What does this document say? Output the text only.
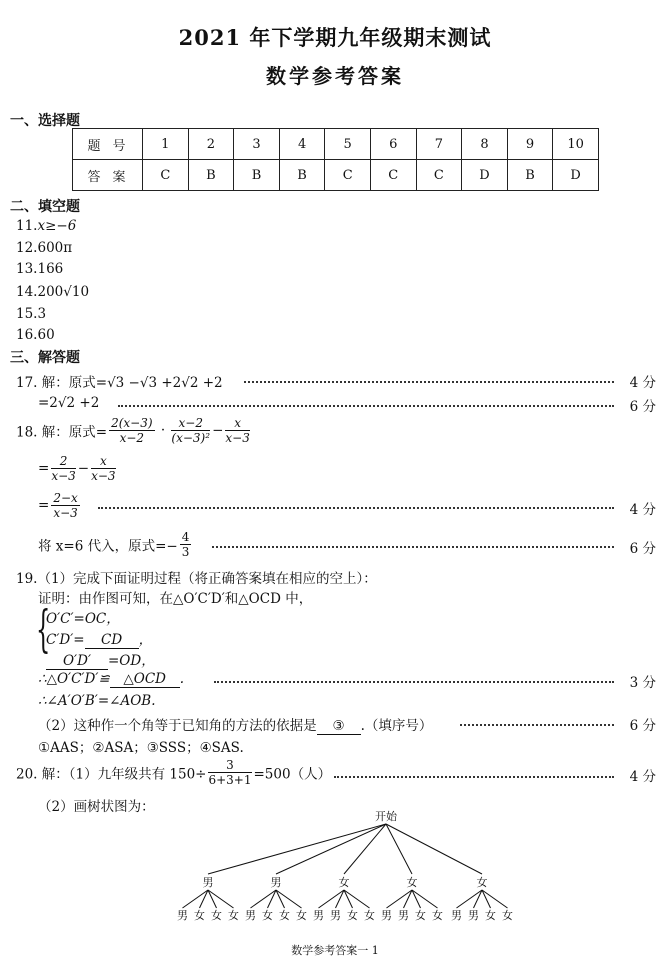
2021 年下学期九年级期末测试
数学参考答案
一、选择题
题号	1	2	3	4	5	6	7	8	9	10
答案	C	B	B	B	C	C	C	D	B	D
二、填空题
11.x≥−6
12.600π
13.166
14.200√10
15.3
16.60
三、解答题
17. 解：原式=√3 −√3 +2√2 +2	4 分
=2√2 +2	6 分
18. 解：原式= $\frac{2(x-3)}{x-2} \cdot \frac{x-2}{\text{(x−3)²}} - \frac{x}{x-3}$
= $\frac{2}{x-3} - \frac{x}{x-3}$
= $\frac{2-x}{x-3}$	4 分
将 x=6 代入，原式=− $\frac{4}{3}$	6 分
19.（1）完成下面证明过程（将正确答案填在相应的空上）：
证明：由作图可知，在△O′C′D′和△OCD 中，
{
O′C′=OC，
C′D′= CD ，
O′D′ =OD，
∴△O′C′D′≌ △OCD .	3 分
∴∠A′O′B′=∠AOB.
（2）这种作一个角等于已知角的方法的依据是 ③ .（填序号）	6 分
①AAS；②ASA；③SSS；④SAS.
20. 解：（1）九年级共有 $150\div \frac{3}{6+3+1} =500$（人）	4 分
（2）画树状图为：
开始
男
男 女 女 女
男
男 女 女 女
女
男 男 女 女
女
男 男 女 女
女
男 男 女 女
数学参考答案一 1
